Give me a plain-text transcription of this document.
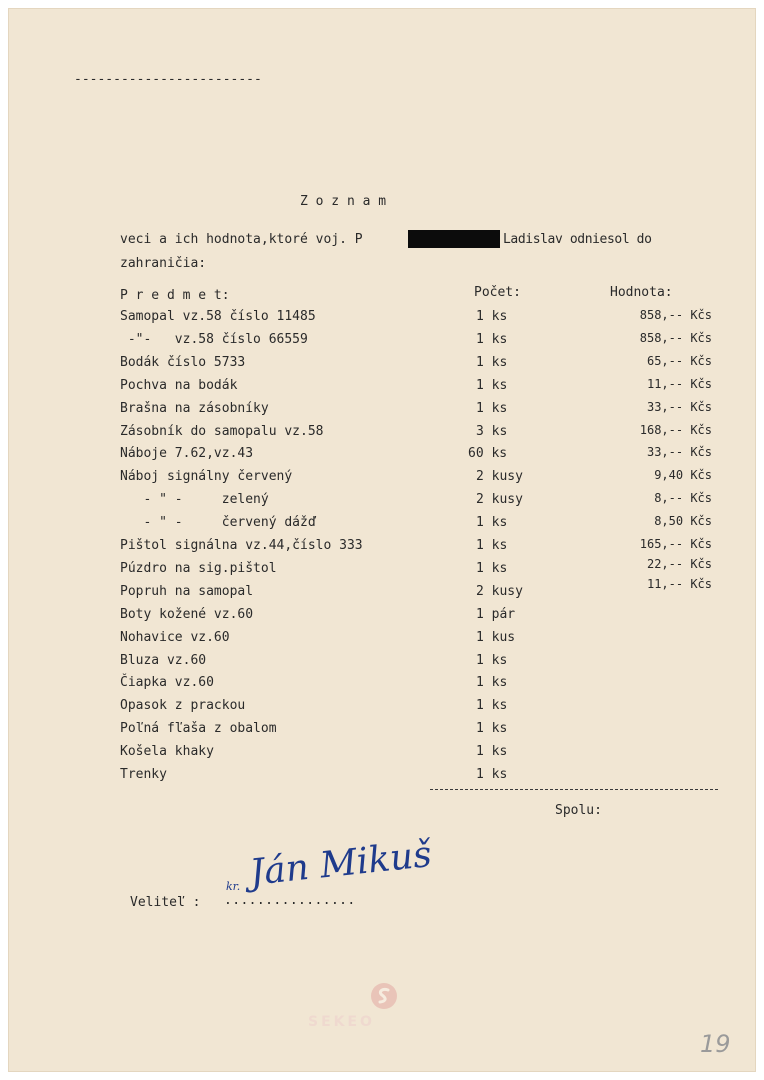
------------------------
Z o z n a m
veci a ich hodnota,ktoré voj. P	Ladislav odniesol do
zahraničia:
P r e d m e t:	Počet:	Hodnota:
Samopal vz.58 číslo 11485	1 ks	858,-- Kčs
-"-   vz.58 číslo 66559	1 ks	858,-- Kčs
Bodák číslo 5733	1 ks	65,-- Kčs
Pochva na bodák	1 ks	11,-- Kčs
Brašna na zásobníky	1 ks	33,-- Kčs
Zásobník do samopalu vz.58	3 ks	168,-- Kčs
Náboje 7.62,vz.43	60 ks	33,-- Kčs
Náboj signálny červený	2 kusy	9,40 Kčs
- " -     zelený	2 kusy	8,-- Kčs
- " -     červený dážď	1 ks	8,50 Kčs
Pištol signálna vz.44,číslo 333	1 ks	165,-- Kčs
Púzdro na sig.pištol	1 ks	22,-- Kčs
Popruh na samopal	2 kusy	11,-- Kčs
Boty kožené vz.60	1 pár
Nohavice vz.60	1 kus
Bluza vz.60	1 ks
Čiapka vz.60	1 ks
Opasok z prackou	1 ks
Poľná fľaša z obalom	1 ks
Košela khaky	1 ks
Trenky	1 ks
Spolu:
Veliteľ : ................
kr. Ján Mikuš
SEKEO
19
